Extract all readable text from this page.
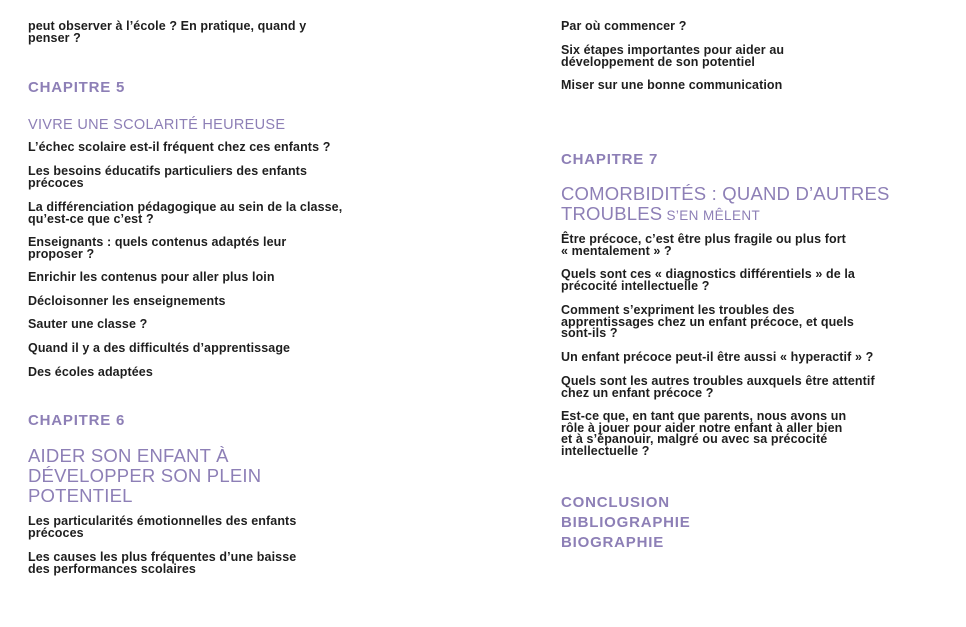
peut observer à l’école ? En pratique, quand y
penser ?

CHAPITRE 5

VIVRE UNE SCOLARITÉ HEUREUSE

L’échec scolaire est-il fréquent chez ces enfants ?

Les besoins éducatifs particuliers des enfants
précoces

La différenciation pédagogique au sein de la classe,
qu’est-ce que c’est ?

Enseignants : quels contenus adaptés leur
proposer ?

Enrichir les contenus pour aller plus loin

Décloisonner les enseignements

Sauter une classe ?

Quand il y a des difficultés d’apprentissage

Des écoles adaptées

CHAPITRE 6

AIDER SON ENFANT À
DÉVELOPPER SON PLEIN
POTENTIEL

Les particularités émotionnelles des enfants
précoces

Les causes les plus fréquentes d’une baisse
des performances scolaires

Par où commencer ?

Six étapes importantes pour aider au
développement de son potentiel

Miser sur une bonne communication

CHAPITRE 7

COMORBIDITÉS : QUAND D’AUTRES
TROUBLES S’EN MÊLENT

Être précoce, c’est être plus fragile ou plus fort
« mentalement » ?

Quels sont ces « diagnostics différentiels » de la
précocité intellectuelle ?

Comment s’expriment les troubles des
apprentissages chez un enfant précoce, et quels
sont-ils ?

Un enfant précoce peut-il être aussi « hyperactif » ?

Quels sont les autres troubles auxquels être attentif
chez un enfant précoce ?

Est-ce que, en tant que parents, nous avons un
rôle à jouer pour aider notre enfant à aller bien
et à s’épanouir, malgré ou avec sa précocité
intellectuelle ?

CONCLUSION

BIBLIOGRAPHIE

BIOGRAPHIE
